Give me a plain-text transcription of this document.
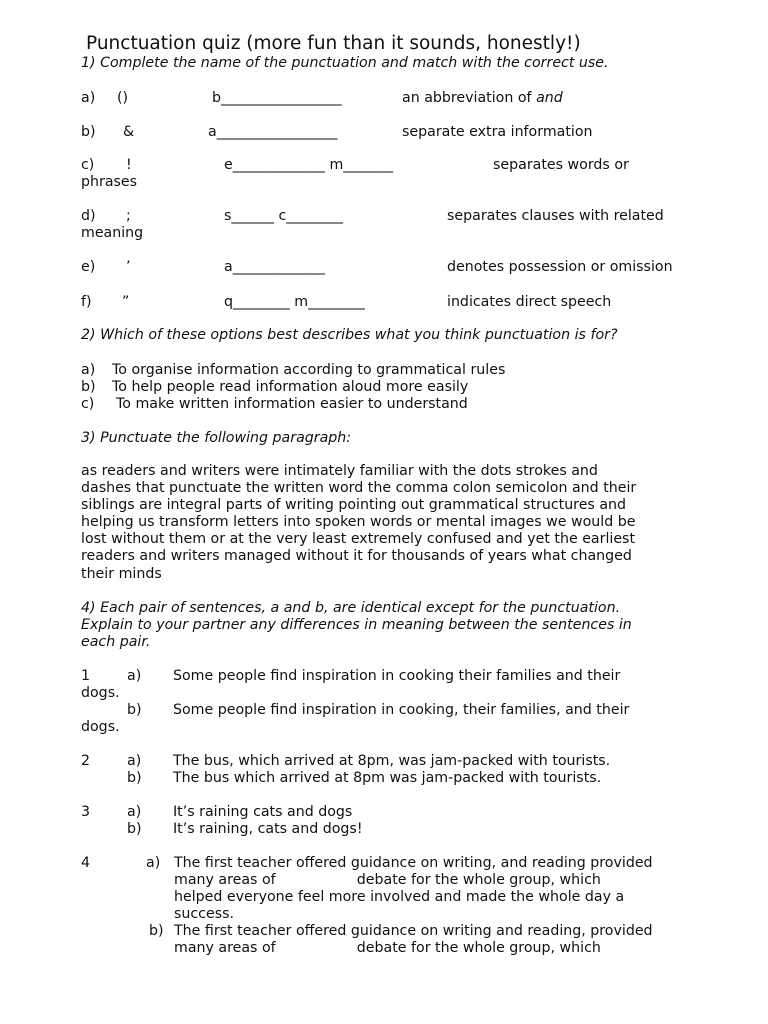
Punctuation quiz (more fun than it sounds, honestly!)
1) Complete the name of the punctuation and match with the correct use.
a) ()	b_________________	an abbreviation of and
b) &	a_________________	separate extra information
c) !	e_____________ m_______	separates words or
phrases
d) ;	s______ c________	separates clauses with related
meaning
e) ’	a_____________	denotes possession or omission
f) ”	q________ m________	indicates direct speech
2) Which of these options best describes what you think punctuation is for?
a) To organise information according to grammatical rules
b) To help people read information aloud more easily
c) To make written information easier to understand
3) Punctuate the following paragraph:
as readers and writers were intimately familiar with the dots strokes and
dashes that punctuate the written word the comma colon semicolon and their
siblings are integral parts of writing pointing out grammatical structures and
helping us transform letters into spoken words or mental images we would be
lost without them or at the very least extremely confused and yet the earliest
readers and writers managed without it for thousands of years what changed
their minds
4) Each pair of sentences, a and b, are identical except for the punctuation.
Explain to your partner any differences in meaning between the sentences in
each pair.
1	a) Some people find inspiration in cooking their families and their
dogs.
b) Some people find inspiration in cooking, their families, and their
dogs.
2	a) The bus, which arrived at 8pm, was jam-packed with tourists.
b) The bus which arrived at 8pm was jam-packed with tourists.
3	a) It’s raining cats and dogs
b) It’s raining, cats and dogs!
4	a) The first teacher offered guidance on writing, and reading provided
many areas of                  debate for the whole group, which
helped everyone feel more involved and made the whole day a
success.
b) The first teacher offered guidance on writing and reading, provided
many areas of                  debate for the whole group, which
